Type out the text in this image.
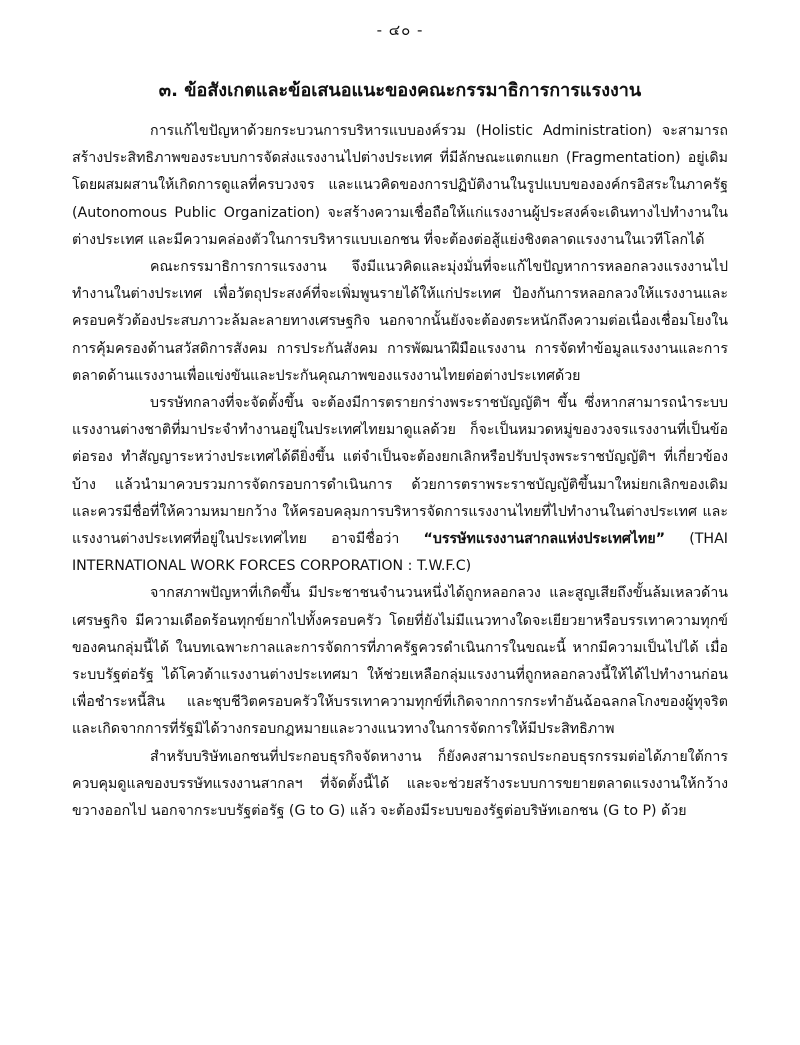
- ๔๐ -
๓. ข้อสังเกตและข้อเสนอแนะของคณะกรรมาธิการการแรงงาน

การแก้ไขปัญหาด้วยกระบวนการบริหารแบบองค์รวม (Holistic Administration) จะสามารถสร้างประสิทธิภาพของระบบการจัดส่งแรงงานไปต่างประเทศ ที่มีลักษณะแตกแยก (Fragmentation) อยู่เดิม โดยผสมผสานให้เกิดการดูแลที่ครบวงจร และแนวคิดของการปฏิบัติงานในรูปแบบขององค์กรอิสระในภาครัฐ (Autonomous Public Organization) จะสร้างความเชื่อถือให้แก่แรงงานผู้ประสงค์จะเดินทางไปทำงานในต่างประเทศ และมีความคล่องตัวในการบริหารแบบเอกชน ที่จะต้องต่อสู้แย่งชิงตลาดแรงงานในเวทีโลกได้

คณะกรรมาธิการการแรงงาน จึงมีแนวคิดและมุ่งมั่นที่จะแก้ไขปัญหาการหลอกลวงแรงงานไปทำงานในต่างประเทศ เพื่อวัตถุประสงค์ที่จะเพิ่มพูนรายได้ให้แก่ประเทศ ป้องกันการหลอกลวงให้แรงงานและครอบครัวต้องประสบภาวะล้มละลายทางเศรษฐกิจ นอกจากนั้นยังจะต้องตระหนักถึงความต่อเนื่องเชื่อมโยงในการคุ้มครองด้านสวัสดิการสังคม การประกันสังคม การพัฒนาฝีมือแรงงาน การจัดทำข้อมูลแรงงานและการตลาดด้านแรงงานเพื่อแข่งขันและประกันคุณภาพของแรงงานไทยต่อต่างประเทศด้วย

บรรษัทกลางที่จะจัดตั้งขึ้น จะต้องมีการตรายกร่างพระราชบัญญัติฯ ขึ้น ซึ่งหากสามารถนำระบบแรงงานต่างชาติที่มาประจำทำงานอยู่ในประเทศไทยมาดูแลด้วย ก็จะเป็นหมวดหมู่ของวงจรแรงงานที่เป็นข้อต่อรอง ทำสัญญาระหว่างประเทศได้ดียิ่งขึ้น แต่จำเป็นจะต้องยกเลิกหรือปรับปรุงพระราชบัญญัติฯ ที่เกี่ยวข้องบ้าง แล้วนำมาควบรวมการจัดกรอบการดำเนินการ ด้วยการตราพระราชบัญญัติขึ้นมาใหม่ยกเลิกของเดิม และควรมีชื่อที่ให้ความหมายกว้าง ให้ครอบคลุมการบริหารจัดการแรงงานไทยที่ไปทำงานในต่างประเทศ และแรงงานต่างประเทศที่อยู่ในประเทศไทย อาจมีชื่อว่า “บรรษัทแรงงานสากลแห่งประเทศไทย” (THAI INTERNATIONAL WORK FORCES CORPORATION : T.W.F.C)

จากสภาพปัญหาที่เกิดขึ้น มีประชาชนจำนวนหนึ่งได้ถูกหลอกลวง และสูญเสียถึงขั้นล้มเหลวด้านเศรษฐกิจ มีความเดือดร้อนทุกข์ยากไปทั้งครอบครัว โดยที่ยังไม่มีแนวทางใดจะเยียวยาหรือบรรเทาความทุกข์ของคนกลุ่มนี้ได้ ในบทเฉพาะกาลและการจัดการที่ภาครัฐควรดำเนินการในขณะนี้ หากมีความเป็นไปได้ เมื่อระบบรัฐต่อรัฐ ได้โควต้าแรงงานต่างประเทศมา ให้ช่วยเหลือกลุ่มแรงงานที่ถูกหลอกลวงนี้ให้ได้ไปทำงานก่อนเพื่อชำระหนี้สิน และชุบชีวิตครอบครัวให้บรรเทาความทุกข์ที่เกิดจากการกระทำอันฉ้อฉลกลโกงของผู้ทุจริต และเกิดจากการที่รัฐมิได้วางกรอบกฎหมายและวางแนวทางในการจัดการให้มีประสิทธิภาพ

สำหรับบริษัทเอกชนที่ประกอบธุรกิจจัดหางาน ก็ยังคงสามารถประกอบธุรกรรมต่อได้ภายใต้การควบคุมดูแลของบรรษัทแรงงานสากลฯ ที่จัดตั้งนี้ได้ และจะช่วยสร้างระบบการขยายตลาดแรงงานให้กว้างขวางออกไป นอกจากระบบรัฐต่อรัฐ (G to G) แล้ว จะต้องมีระบบของรัฐต่อบริษัทเอกชน (G to P) ด้วย
